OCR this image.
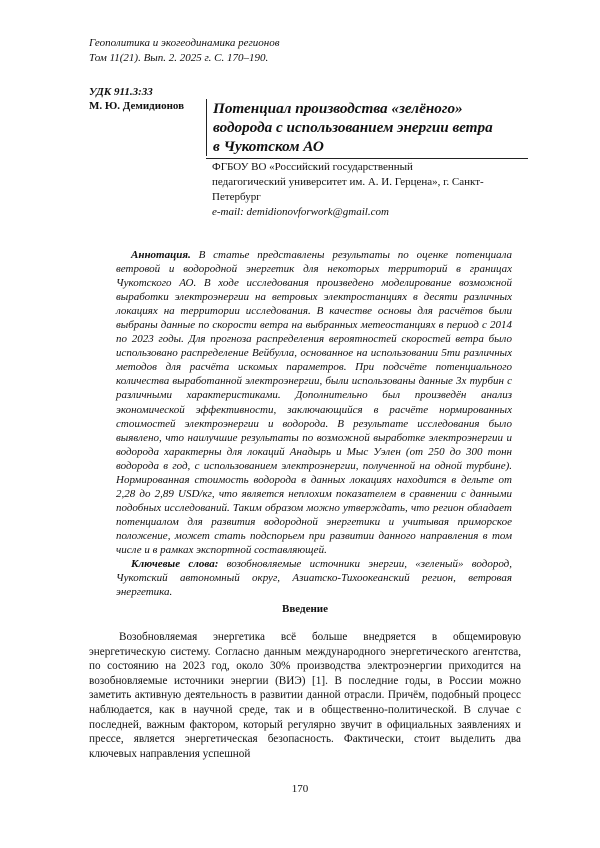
Геополитика и экогеодинамика регионов
Том 11(21). Вып. 2. 2025 г. С. 170–190.
УДК 911.3:33
М. Ю. Демидионов Потенциал производства «зелёного»
водорода с использованием энергии ветра
в Чукотском АО
ФГБОУ ВО «Российский государственный
педагогический университет им. А. И. Герцена», г. Санкт-
Петербург
e-mail: demidionovforwork@gmail.com

Аннотация. В статье представлены результаты по оценке потенциала ветровой и водородной энергетик для некоторых территорий в границах Чукотского АО. В ходе исследования произведено моделирование возможной выработки электроэнергии на ветровых электростанциях в десяти различных локациях на территории исследования. В качестве основы для расчётов были выбраны данные по скорости ветра на выбранных метеостанциях в период с 2014 по 2023 годы. Для прогноза распределения вероятностей скоростей ветра было использовано распределение Вейбулла, основанное на использовании 5ти различных методов для расчёта искомых параметров. При подсчёте потенциального количества выработанной электроэнергии, были использованы данные 3х турбин с различными характеристиками. Дополнительно был произведён анализ экономической эффективности, заключающийся в расчёте нормированных стоимостей электроэнергии и водорода. В результате исследования было выявлено, что наилучшие результаты по возможной выработке электроэнергии и водорода характерны для локаций Анадырь и Мыс Уэлен (от 250 до 300 тонн водорода в год, с использованием электроэнергии, полученной на одной турбине). Нормированная стоимость водорода в данных локациях находится в дельте от 2,28 до 2,89 USD/кг, что является неплохим показателем в сравнении с данными подобных исследований. Таким образом можно утверждать, что регион обладает потенциалом для развития водородной энергетики и учитывая приморское положение, может стать подспорьем при развитии данного направления в том числе и в рамках экспортной составляющей.

Ключевые слова: возобновляемые источники энергии, «зеленый» водород, Чукотский автономный округ, Азиатско-Тихоокеанский регион, ветровая энергетика.

Введение

Возобновляемая энергетика всё больше внедряется в общемировую энергетическую систему. Согласно данным международного энергетического агентства, по состоянию на 2023 год, около 30% производства электроэнергии приходится на возобновляемые источники энергии (ВИЭ) [1]. В последние годы, в России можно заметить активную деятельность в развитии данной отрасли. Причём, подобный процесс наблюдается, как в научной среде, так и в общественно-политической. В случае с последней, важным фактором, который регулярно звучит в официальных заявлениях и прессе, является энергетическая безопасность. Фактически, стоит выделить два ключевых направления успешной

170
